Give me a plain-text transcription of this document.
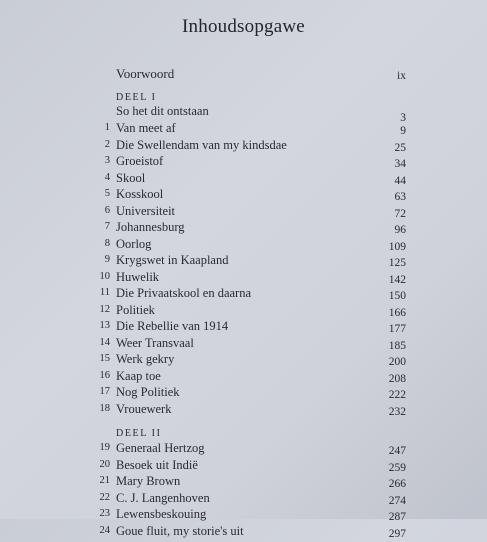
Inhoudsopgawe
Voorwoord	ix
DEEL I
So het dit ontstaan	3
1 Van meet af	9
2 Die Swellendam van my kindsdae	25
3 Groeistof	34
4 Skool	44
5 Kosskool	63
6 Universiteit	72
7 Johannesburg	96
8 Oorlog	109
9 Krygswet in Kaapland	125
10 Huwelik	142
11 Die Privaatskool en daarna	150
12 Politiek	166
13 Die Rebellie van 1914	177
14 Weer Transvaal	185
15 Werk gekry	200
16 Kaap toe	208
17 Nog Politiek	222
18 Vrouewerk	232
DEEL II
19 Generaal Hertzog	247
20 Besoek uit Indië	259
21 Mary Brown	266
22 C. J. Langenhoven	274
23 Lewensbeskouing	287
24 Goue fluit, my storie's uit	297
